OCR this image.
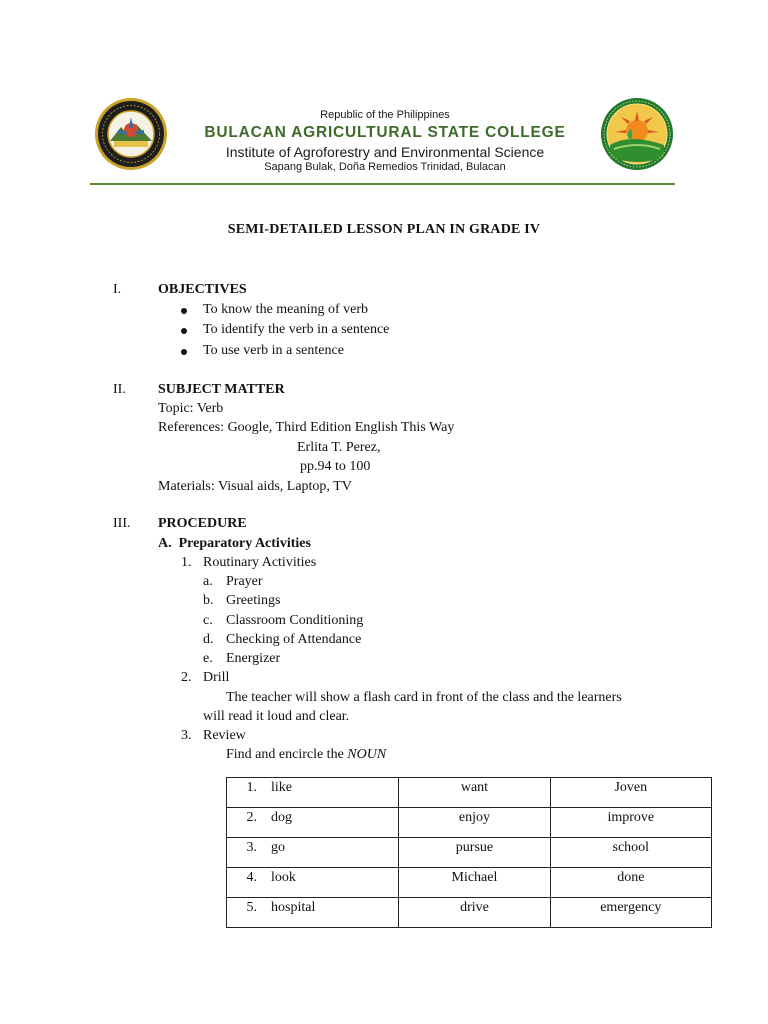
Republic of the Philippines
BULACAN AGRICULTURAL STATE COLLEGE
Institute of Agroforestry and Environmental Science
Sapang Bulak, Doña Remedios Trinidad, Bulacan
SEMI-DETAILED LESSON PLAN IN GRADE IV
I.	OBJECTIVES
To know the meaning of verb
To identify the verb in a sentence
To use verb in a sentence
II. SUBJECT MATTER
Topic: Verb
References: Google, Third Edition English This Way
Erlita T. Perez,
pp.94 to 100
Materials: Visual aids, Laptop, TV
III. PROCEDURE
A.  Preparatory Activities
1. Routinary Activities
a. Prayer
b. Greetings
c. Classroom Conditioning
d. Checking of Attendance
e. Energizer
2. Drill
The teacher will show a flash card in front of the class and the learners
will read it loud and clear.
3. Review
Find and encircle the NOUN
1. like	want	Joven

2. dog	enjoy	improve

3. go	pursue	school

4. look	Michael	done

5. hospital	drive	emergency
